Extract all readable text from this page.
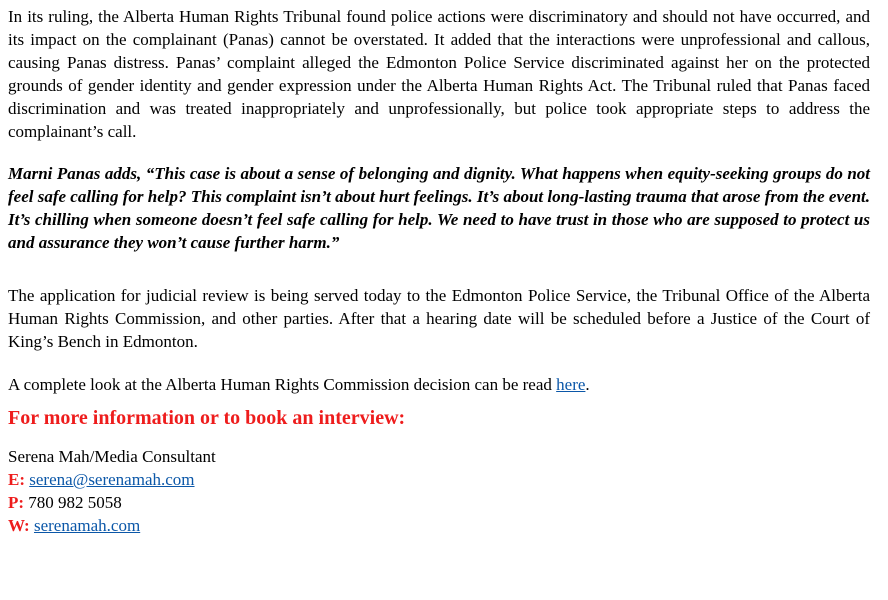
In its ruling, the Alberta Human Rights Tribunal found police actions were discriminatory and should not have occurred, and its impact on the complainant (Panas) cannot be overstated. It added that the interactions were unprofessional and callous, causing Panas distress. Panas’ complaint alleged the Edmonton Police Service discriminated against her on the protected grounds of gender identity and gender expression under the Alberta Human Rights Act. The Tribunal ruled that Panas faced discrimination and was treated inappropriately and unprofessionally, but police took appropriate steps to address the complainant’s call.

Marni Panas adds, “This case is about a sense of belonging and dignity. What happens when equity-seeking groups do not feel safe calling for help? This complaint isn’t about hurt feelings. It’s about long-lasting trauma that arose from the event. It’s chilling when someone doesn’t feel safe calling for help. We need to have trust in those who are supposed to protect us and assurance they won’t cause further harm.”

The application for judicial review is being served today to the Edmonton Police Service, the Tribunal Office of the Alberta Human Rights Commission, and other parties. After that a hearing date will be scheduled before a Justice of the Court of King’s Bench in Edmonton.

A complete look at the Alberta Human Rights Commission decision can be read here.

For more information or to book an interview:
Serena Mah/Media Consultant
E: serena@serenamah.com
P: 780 982 5058
W: serenamah.com
